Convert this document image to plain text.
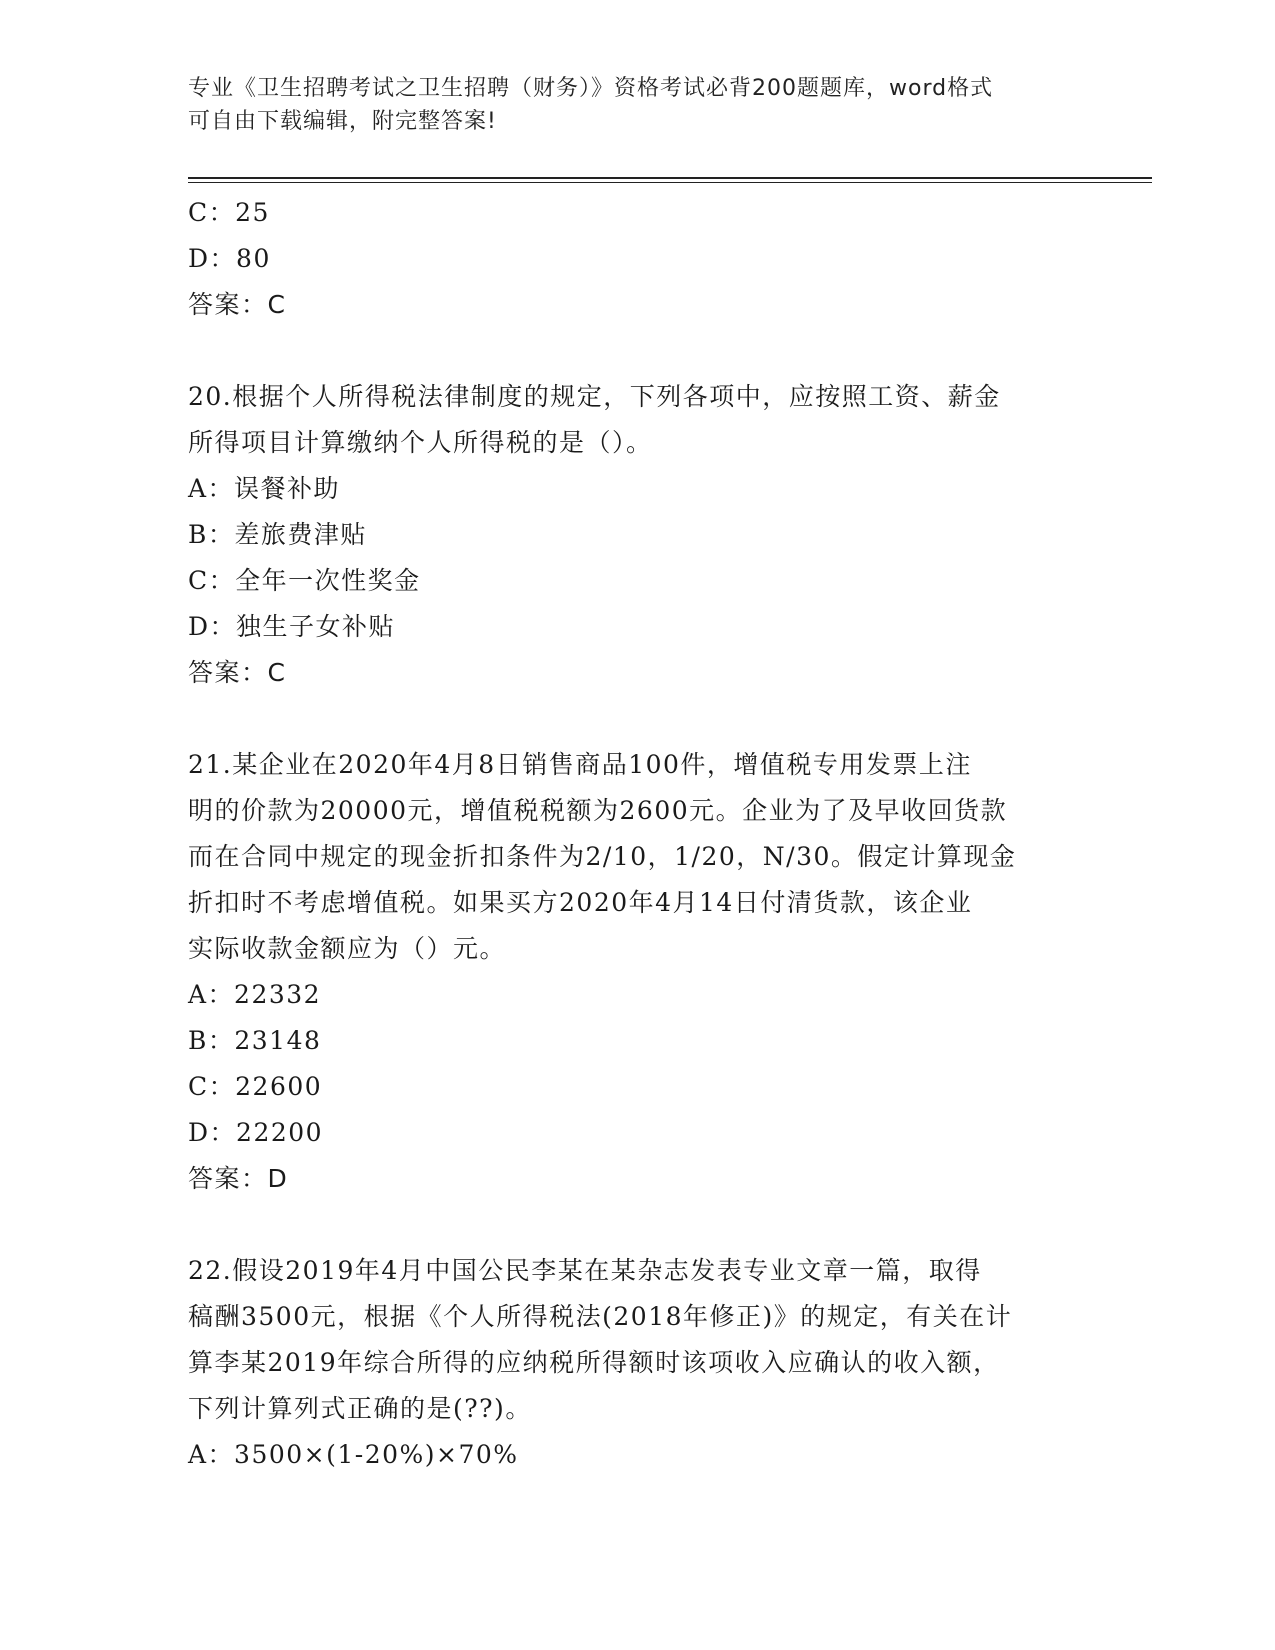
专业《卫生招聘考试之卫生招聘（财务）》资格考试必背200题题库，word格式
可自由下载编辑，附完整答案!
C：25
D：80
答案：C
20.根据个人所得税法律制度的规定，下列各项中，应按照工资、薪金
所得项目计算缴纳个人所得税的是（）。
A：误餐补助
B：差旅费津贴
C：全年一次性奖金
D：独生子女补贴
答案：C
21.某企业在2020年4月8日销售商品100件，增值税专用发票上注
明的价款为20000元，增值税税额为2600元。企业为了及早收回货款
而在合同中规定的现金折扣条件为2/10，1/20，N/30。假定计算现金
折扣时不考虑增值税。如果买方2020年4月14日付清货款，该企业
实际收款金额应为（）元。
A：22332
B：23148
C：22600
D：22200
答案：D
22.假设2019年4月中国公民李某在某杂志发表专业文章一篇，取得
稿酬3500元，根据《个人所得税法(2018年修正)》的规定，有关在计
算李某2019年综合所得的应纳税所得额时该项收入应确认的收入额，
下列计算列式正确的是(??)。
A：3500×(1-20%)×70%
